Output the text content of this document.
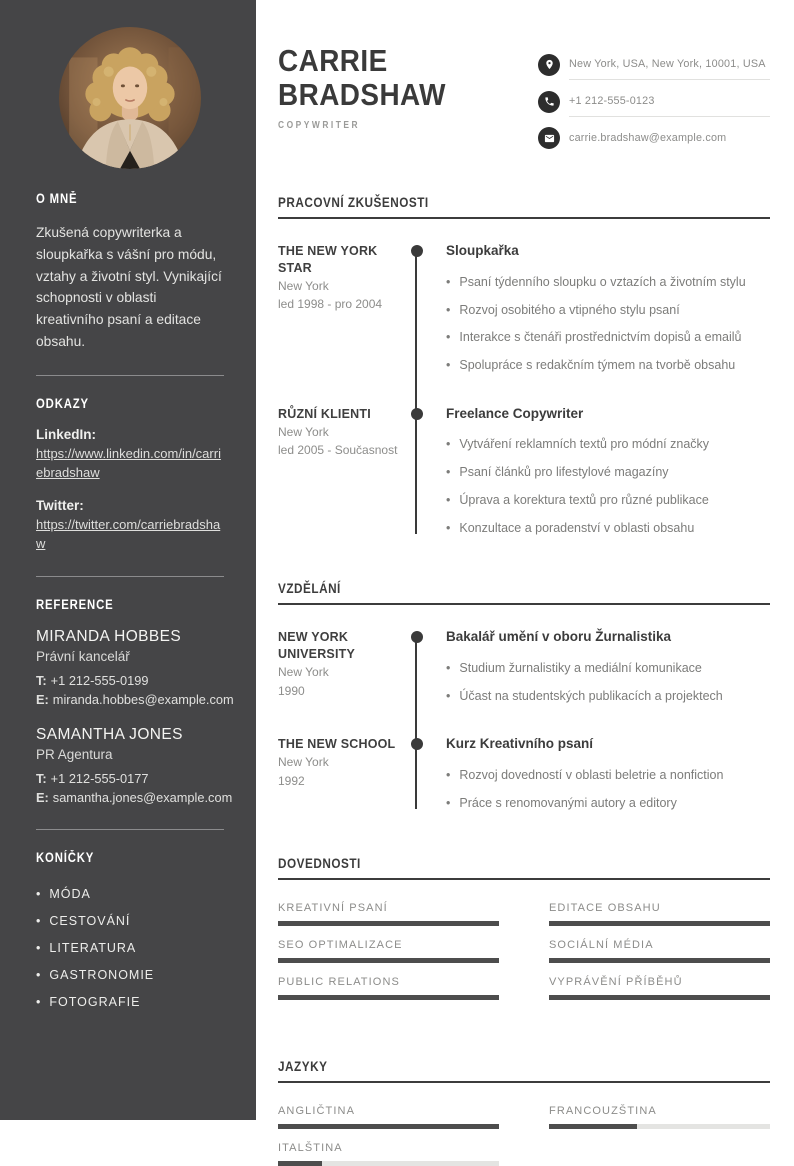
O MNĚ

Zkušená copywriterka a sloupkařka s vášní pro módu, vztahy a životní styl. Vynikající schopnosti v oblasti kreativního psaní a editace obsahu.

ODKAZY
LinkedIn:
https://www.linkedin.com/in/carriebradshaw
Twitter:
https://twitter.com/carriebradshaw
REFERENCE
MIRANDA HOBBES
Právní kancelář
T: +1 212-555-0199
E: miranda.hobbes@example.com
SAMANTHA JONES
PR Agentura
T: +1 212-555-0177
E: samantha.jones@example.com
KONÍČKY
• MÓDA
• CESTOVÁNÍ
• LITERATURA
• GASTRONOMIE
• FOTOGRAFIE
CARRIE
BRADSHAW
COPYWRITER
New York, USA, New York, 10001, USA
+1 212-555-0123
carrie.bradshaw@example.com
PRACOVNÍ ZKUŠENOSTI
THE NEW YORK STAR
New York
led 1998 - pro 2004
Sloupkařka
• Psaní týdenního sloupku o vztazích a životním stylu
• Rozvoj osobitého a vtipného stylu psaní
• Interakce s čtenáři prostřednictvím dopisů a emailů
• Spolupráce s redakčním týmem na tvorbě obsahu
RŮZNÍ KLIENTI
New York
led 2005 - Současnost
Freelance Copywriter
• Vytváření reklamních textů pro módní značky
• Psaní článků pro lifestylové magazíny
• Úprava a korektura textů pro různé publikace
• Konzultace a poradenství v oblasti obsahu
VZDĚLÁNÍ
NEW YORK UNIVERSITY
New York
1990
Bakalář umění v oboru Žurnalistika
• Studium žurnalistiky a mediální komunikace
• Účast na studentských publikacích a projektech
THE NEW SCHOOL
New York
1992
Kurz Kreativního psaní
• Rozvoj dovedností v oblasti beletrie a nonfiction
• Práce s renomovanými autory a editory
DOVEDNOSTI
KREATIVNÍ PSANÍ	EDITACE OBSAHU
SEO OPTIMALIZACE	SOCIÁLNÍ MÉDIA
PUBLIC RELATIONS	VYPRÁVĚNÍ PŘÍBĚHŮ
JAZYKY
ANGLIČTINA	FRANCOUZŠTINA
ITALŠTINA
